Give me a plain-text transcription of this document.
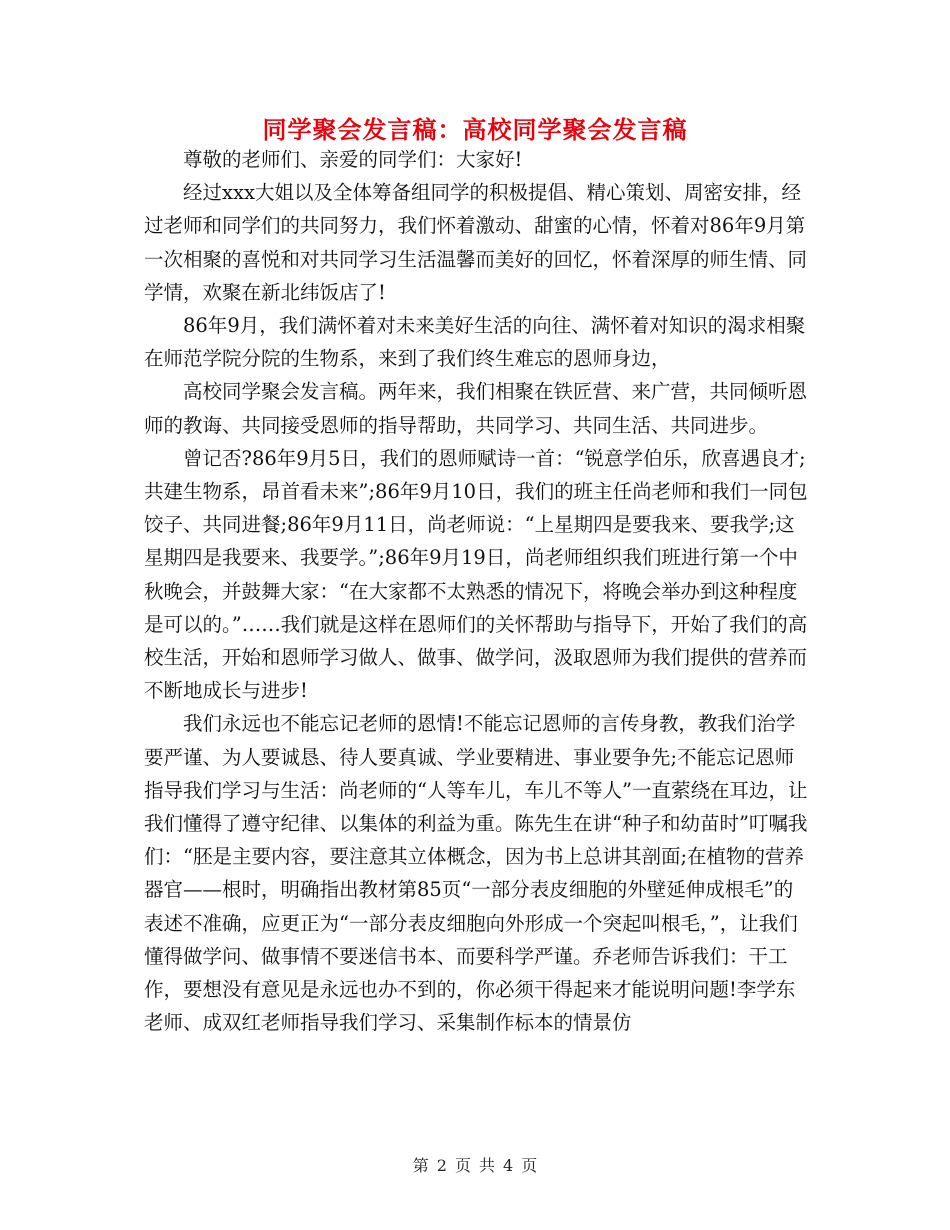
同学聚会发言稿：高校同学聚会发言稿

尊敬的老师们、亲爱的同学们：大家好!

经过xxx大姐以及全体筹备组同学的积极提倡、精心策划、周密安排，经过老师和同学们的共同努力，我们怀着激动、甜蜜的心情，怀着对86年9月第一次相聚的喜悦和对共同学习生活温馨而美好的回忆，怀着深厚的师生情、同学情，欢聚在新北纬饭店了!

86年9月，我们满怀着对未来美好生活的向往、满怀着对知识的渴求相聚在师范学院分院的生物系，来到了我们终生难忘的恩师身边，

高校同学聚会发言稿。两年来，我们相聚在铁匠营、来广营，共同倾听恩师的教诲、共同接受恩师的指导帮助，共同学习、共同生活、共同进步。

曾记否?86年9月5日，我们的恩师赋诗一首：“锐意学伯乐，欣喜遇良才;共建生物系，昂首看未来”;86年9月10日，我们的班主任尚老师和我们一同包饺子、共同进餐;86年9月11日，尚老师说：“上星期四是要我来、要我学;这星期四是我要来、我要学。”;86年9月19日，尚老师组织我们班进行第一个中秋晚会，并鼓舞大家：“在大家都不太熟悉的情况下，将晚会举办到这种程度是可以的。”……我们就是这样在恩师们的关怀帮助与指导下，开始了我们的高校生活，开始和恩师学习做人、做事、做学问，汲取恩师为我们提供的营养而不断地成长与进步!

我们永远也不能忘记老师的恩情!不能忘记恩师的言传身教，教我们治学要严谨、为人要诚恳、待人要真诚、学业要精进、事业要争先;不能忘记恩师指导我们学习与生活：尚老师的“人等车儿，车儿不等人”一直萦绕在耳边，让我们懂得了遵守纪律、以集体的利益为重。陈先生在讲“种子和幼苗时”叮嘱我们：“胚是主要内容，要注意其立体概念，因为书上总讲其剖面;在植物的营养器官——根时，明确指出教材第85页“一部分表皮细胞的外壁延伸成根毛”的表述不准确，应更正为“一部分表皮细胞向外形成一个突起叫根毛，”，让我们懂得做学问、做事情不要迷信书本、而要科学严谨。乔老师告诉我们：干工作，要想没有意见是永远也办不到的，你必须干得起来才能说明问题!李学东老师、成双红老师指导我们学习、采集制作标本的情景仿

第 2 页 共 4 页
